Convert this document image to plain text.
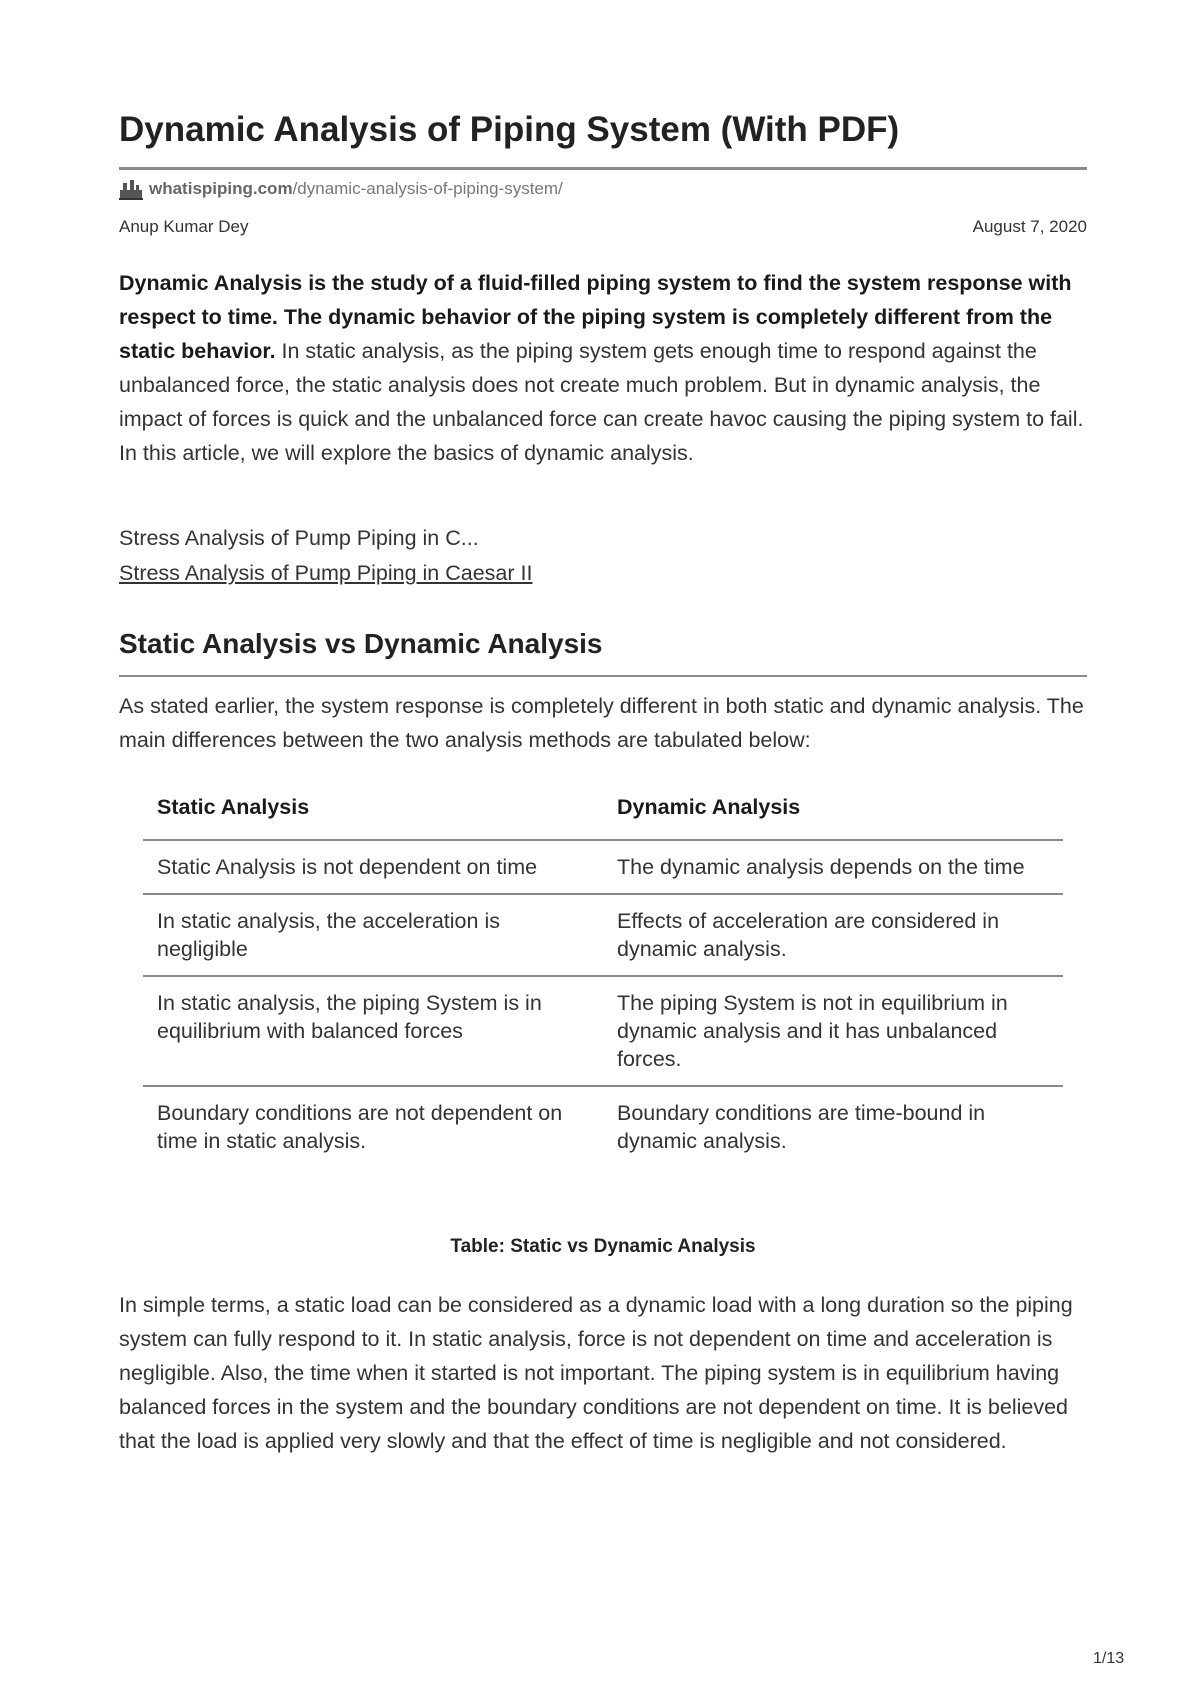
Dynamic Analysis of Piping System (With PDF)
whatispiping.com /dynamic-analysis-of-piping-system/
Anup Kumar Dey	August 7, 2020

Dynamic Analysis is the study of a fluid-filled piping system to find the system response with respect to time. The dynamic behavior of the piping system is completely different from the static behavior. In static analysis, as the piping system gets enough time to respond against the unbalanced force, the static analysis does not create much problem. But in dynamic analysis, the impact of forces is quick and the unbalanced force can create havoc causing the piping system to fail. In this article, we will explore the basics of dynamic analysis.

Stress Analysis of Pump Piping in C...
Stress Analysis of Pump Piping in Caesar II
Static Analysis vs Dynamic Analysis

As stated earlier, the system response is completely different in both static and dynamic analysis. The main differences between the two analysis methods are tabulated below:

Static Analysis	Dynamic Analysis
Static Analysis is not dependent on time	The dynamic analysis depends on the time
In static analysis, the acceleration is negligible	Effects of acceleration are considered in dynamic analysis.
In static analysis, the piping System is in equilibrium with balanced forces	The piping System is not in equilibrium in dynamic analysis and it has unbalanced forces.
Boundary conditions are not dependent on time in static analysis.	Boundary conditions are time-bound in dynamic analysis.
Table: Static vs Dynamic Analysis

In simple terms, a static load can be considered as a dynamic load with a long duration so the piping system can fully respond to it. In static analysis, force is not dependent on time and acceleration is negligible. Also, the time when it started is not important. The piping system is in equilibrium having balanced forces in the system and the boundary conditions are not dependent on time. It is believed that the load is applied very slowly and that the effect of time is negligible and not considered.

1/13
